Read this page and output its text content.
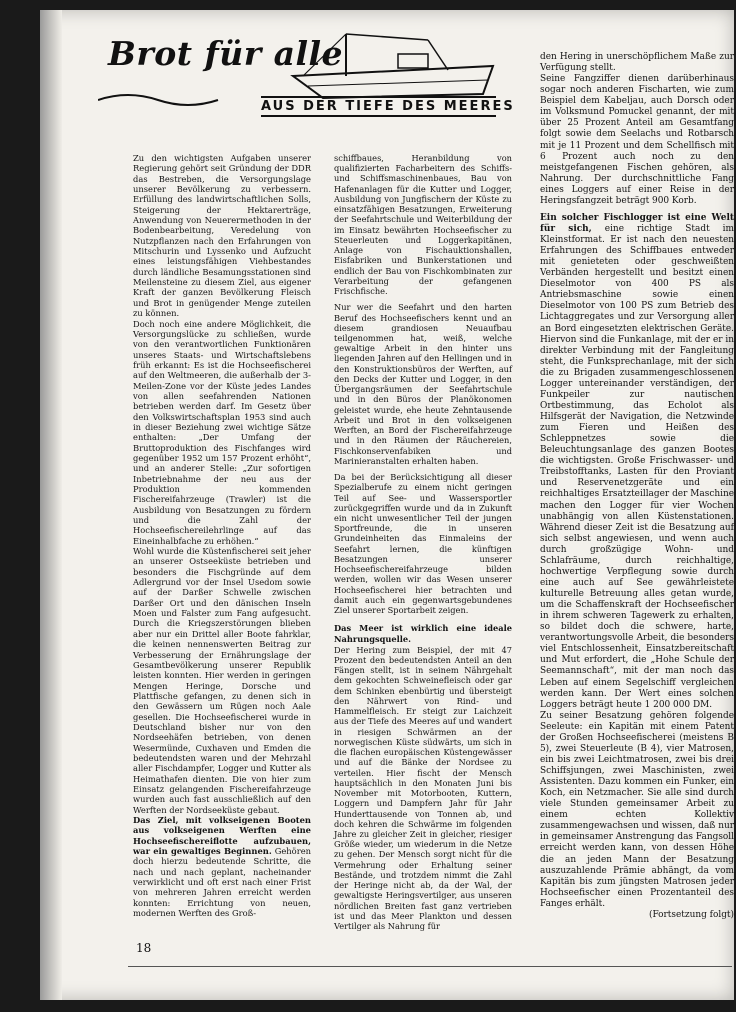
Brot für alle
AUS DER TIEFE DES MEERES

Zu den wichtigsten Aufgaben unserer Regierung gehört seit Gründung der DDR das Bestreben, die Versorgungslage unserer Bevölkerung zu verbessern. Erfüllung des landwirtschaftlichen Solls, Steigerung der Hektarerträge, Anwendung von Neuerermethoden in der Bodenbearbeitung, Veredelung von Nutzpflanzen nach den Erfahrungen von Mitschurin und Lyssenko und Aufzucht eines leistungsfähigen Viehbestandes durch ländliche Besamungsstationen sind Meilensteine zu diesem Ziel, aus eigener Kraft der ganzen Bevölkerung Fleisch und Brot in genügender Menge zuteilen zu können.

Doch noch eine andere Möglichkeit, die Versorgungslücke zu schließen, wurde von den verantwortlichen Funktionären unseres Staats- und Wirtschaftslebens früh erkannt: Es ist die Hochseefischerei auf den Weltmeeren, die außerhalb der 3-Meilen-Zone vor der Küste jedes Landes von allen seefahrenden Nationen betrieben werden darf. Im Gesetz über den Volkswirtschaftsplan 1953 sind auch in dieser Beziehung zwei wichtige Sätze enthalten: „Der Umfang der Bruttoproduktion des Fischfanges wird gegenüber 1952 um 157 Prozent erhöht“, und an anderer Stelle: „Zur sofortigen Inbetriebnahme der neu aus der Produktion kommenden Fischereifahrzeuge (Trawler) ist die Ausbildung von Besatzungen zu fördern und die Zahl der Hochseefischereilehrlinge auf das Eineinhalbfache zu erhöhen.“

Wohl wurde die Küstenfischerei seit jeher an unserer Ostseeküste betrieben und besonders die Fischgründe auf dem Adlergrund vor der Insel Usedom sowie auf der Darßer Schwelle zwischen Darßer Ort und den dänischen Inseln Moen und Falster zum Fang aufgesucht. Durch die Kriegszerstörungen blieben aber nur ein Drittel aller Boote fahrklar, die keinen nennenswerten Beitrag zur Verbesserung der Ernährungslage der Gesamtbevölkerung unserer Republik leisten konnten. Hier werden in geringen Mengen Heringe, Dorsche und Plattfische gefangen, zu denen sich in den Gewässern um Rügen noch Aale gesellen. Die Hochseefischerei wurde in Deutschland bisher nur von den Nordseehäfen betrieben, von denen Wesermünde, Cuxhaven und Emden die bedeutendsten waren und der Mehrzahl aller Fischdampfer, Logger und Kutter als Heimathafen dienten. Die von hier zum Einsatz gelangenden Fischereifahrzeuge wurden auch fast ausschließlich auf den Werften der Nordseeküste gebaut.

Das Ziel, mit volkseigenen Booten aus volkseigenen Werften eine Hochseefischereiflotte aufzubauen, war ein gewaltiges Beginnen. Gehören doch hierzu bedeutende Schritte, die nach und nach geplant, nacheinander verwirklicht und oft erst nach einer Frist von mehreren Jahren erreicht werden konnten: Errichtung von neuen, modernen Werften des Groß-

schiffbaues, Heranbildung von qualifizierten Facharbeitern des Schiffs- und Schiffsmaschinenbaues, Bau von Hafenanlagen für die Kutter und Logger, Ausbildung von Jungfischern der Küste zu einsatzfähigen Besatzungen, Erweiterung der Seefahrtschule und Weiterbildung der im Einsatz bewährten Hochseefischer zu Steuerleuten und Loggerkapitänen, Anlage von Fischauktionshallen, Eisfabriken und Bunkerstationen und endlich der Bau von Fischkombinaten zur Verarbeitung der gefangenen Frischfische.

Nur wer die Seefahrt und den harten Beruf des Hochseefischers kennt und an diesem grandiosen Neuaufbau teilgenommen hat, weiß, welche gewaltige Arbeit in den hinter uns liegenden Jahren auf den Hellingen und in den Konstruktionsbüros der Werften, auf den Decks der Kutter und Logger, in den Übergangsräumen der Seefahrtschule und in den Büros der Planökonomen geleistet wurde, ehe heute Zehntausende Arbeit und Brot in den volkseigenen Werften, an Bord der Fischereifahrzeuge und in den Räumen der Räuchereien, Fischkonservenfabiken und Marinieranstalten erhalten haben.

Da bei der Berücksichtigung all dieser Spezialberufe zu einem nicht geringen Teil auf See- und Wassersportler zurückgegriffen wurde und da in Zukunft ein nicht unwesentlicher Teil der jungen Sportfreunde, die in unseren Grundeinheiten das Einmaleins der Seefahrt lernen, die künftigen Besatzungen unserer Hochseefischereifahrzeuge bilden werden, wollen wir das Wesen unserer Hochseefischerei hier betrachten und damit auch ein gegenwartsgebundenes Ziel unserer Sportarbeit zeigen.

Das Meer ist wirklich eine ideale Nahrungsquelle.

Der Hering zum Beispiel, der mit 47 Prozent den bedeutendsten Anteil an den Fängen stellt, ist in seinem Nährgehalt dem gekochten Schweinefleisch oder gar dem Schinken ebenbürtig und übersteigt den Nährwert von Rind- und Hammelfleisch. Er steigt zur Laichzeit aus der Tiefe des Meeres auf und wandert in riesigen Schwärmen an der norwegischen Küste südwärts, um sich in die flachen europäischen Küstengewässer und auf die Bänke der Nordsee zu verteilen. Hier fischt der Mensch hauptsächlich in den Monaten Juni bis November mit Motorbooten, Kuttern, Loggern und Dampfern Jahr für Jahr Hunderttausende von Tonnen ab, und doch kehren die Schwärme im folgenden Jahre zu gleicher Zeit in gleicher, riesiger Größe wieder, um wiederum in die Netze zu gehen. Der Mensch sorgt nicht für die Vermehrung oder Erhaltung seiner Bestände, und trotzdem nimmt die Zahl der Heringe nicht ab, da der Wal, der gewaltigste Heringsvertilger, aus unseren nördlichen Breiten fast ganz vertrieben ist und das Meer Plankton und dessen Vertilger als Nahrung für

den Hering in unerschöpflichem Maße zur Verfügung stellt.

Seine Fangziffer dienen darüberhinaus sogar noch anderen Fischarten, wie zum Beispiel dem Kabeljau, auch Dorsch oder im Volksmund Pomuckel genannt, der mit über 25 Prozent Anteil am Gesamtfang folgt sowie dem Seelachs und Rotbarsch mit je 11 Prozent und dem Schellfisch mit 6 Prozent auch noch zu den meistgefangenen Fischen gehören, als Nahrung. Der durchschnittliche Fang eines Loggers auf einer Reise in der Heringsfangzeit beträgt 900 Korb.

Ein solcher Fischlogger ist eine Welt für sich, eine richtige Stadt im Kleinstformat. Er ist nach den neuesten Erfahrungen des Schiffbaues entweder mit genieteten oder geschweißten Verbänden hergestellt und besitzt einen Dieselmotor von 400 PS als Antriebsmaschine sowie einen Dieselmotor von 100 PS zum Betrieb des Lichtaggregates und zur Versorgung aller an Bord eingesetzten elektrischen Geräte. Hiervon sind die Funkanlage, mit der er in direkter Verbindung mit der Fangleitung steht, die Funksprechanlage, mit der sich die zu Brigaden zusammengeschlossenen Logger untereinander verständigen, der Funkpeiler zur nautischen Ortbestimmung, das Echolot als Hilfsgerät der Navigation, die Netzwinde zum Fieren und Heißen des Schleppnetzes sowie die Beleuchtungsanlage des ganzen Bootes die wichtigsten. Große Frischwasser- und Treibstofftanks, Lasten für den Proviant und Reservenetzgeräte und ein reichhaltiges Ersatzteillager der Maschine machen den Logger für vier Wochen unabhängig von allen Küstenstationen. Während dieser Zeit ist die Besatzung auf sich selbst angewiesen, und wenn auch durch großzügige Wohn- und Schlafräume, durch reichhaltige, hochwertige Verpflegung sowie durch eine auch auf See gewährleistete kulturelle Betreuung alles getan wurde, um die Schaffenskraft der Hochseefischer in ihrem schweren Tagewerk zu erhalten, so bildet doch die schwere, harte, verantwortungsvolle Arbeit, die besonders viel Entschlossenheit, Einsatzbereitschaft und Mut erfordert, die „Hohe Schule der Seemannschaft“, mit der man noch das Leben auf einem Segelschiff vergleichen werden kann. Der Wert eines solchen Loggers beträgt heute 1 200 000 DM.

Zu seiner Besatzung gehören folgende Seeleute: ein Kapitän mit einem Patent der Großen Hochseefischerei (meistens B 5), zwei Steuerleute (B 4), vier Matrosen, ein bis zwei Leichtmatrosen, zwei bis drei Schiffsjungen, zwei Maschinisten, zwei Assistenten. Dazu kommen ein Funker, ein Koch, ein Netzmacher. Sie alle sind durch viele Stunden gemeinsamer Arbeit zu einem echten Kollektiv zusammengewachsen und wissen, daß nur in gemeinsamer Anstrengung das Fangsoll erreicht werden kann, von dessen Höhe die an jeden Mann der Besatzung auszuzahlende Prämie abhängt, da vom Kapitän bis zum jüngsten Matrosen jeder Hochseefischer einen Prozentanteil des Fanges erhält.

(Fortsetzung folgt)

18
